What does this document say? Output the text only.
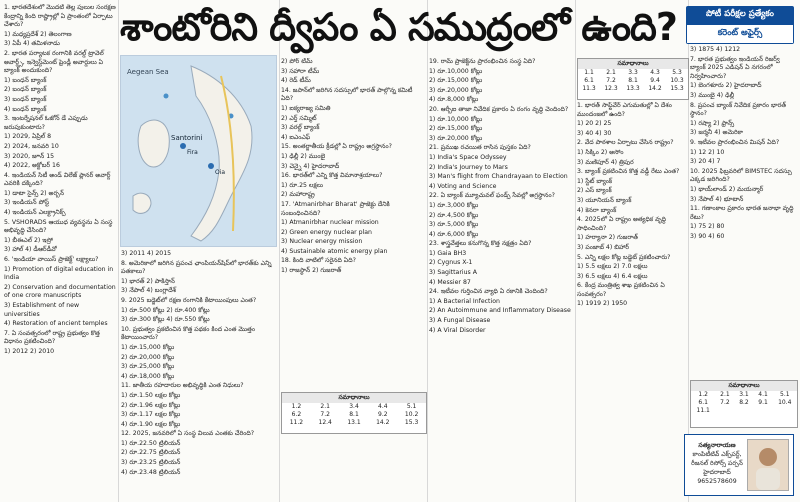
1. భారతదేశంలో మొదటి తెల్ల పులుల సంరక్షణ కేంద్రాన్ని కింది రాష్ట్రాల్లో ఏ ప్రాంతంలో ఏర్పాటు చేశారు?

1) మధ్యప్రదేశ్ 2) తెలంగాణ

3) ఏపీ 4) తమిళనాడు

2. భారత పర్యాటక రంగానికి వరల్డ్ ట్రావెల్ అవార్డ్స్, ఇన్వెస్ట్‌మెంట్ ఫ్రెండ్లీ అవార్డులు ఏ బ్యాంక్ అందుకుంది?

1) బంధన్ బ్యాంక్

2) బంధన్ బ్యాంక్

3) బంధన్ బ్యాంక్

4) బంధన్ బ్యాంక్

3. ఇంటర్నేషనల్ ఓజోన్ డే ఎప్పుడు జరుపుకుంటారు?

1) 2029, ఏప్రిల్ 8

2) 2024, జనవరి 10

3) 2020, జూన్ 15

4) 2022, అక్టోబర్ 16

4. ఇండియన్ సిటీ అండ్ విలేజ్ ప్లానర్ అవార్డ్ ఎవరికి దక్కింది?

1) డాటా సైన్స్ 2) అర్బన్

3) ఇండియన్ పోస్ట్

4) ఇండియన్ ఎలక్ట్రానిక్స్

5. VSHORADS ఆయుధ వ్యవస్థను ఏ సంస్థ అభివృద్ధి చేసింది?

1) బీఈఎల్ 2) ఇస్రో

3) హాల్ 4) డీఆర్‌డీవో

6. 'ఇండియా వాయిస్ ప్రాజెక్ట్' లక్ష్యాలు?

1) Promotion of digital education in India

2) Conservation and documentation of one crore manuscripts

3) Establishment of new universities

4) Restoration of ancient temples

7. ఏ సంవత్సరంలో రాష్ట్ర ప్రభుత్వం కొత్త విధానం ప్రకటించింది?

1) 2012 2) 2010

శాంటోరిని ద్వీపం ఏ సముద్రంలో ఉంది?	పోటీ పరీక్షల ప్రత్యేకం
కరెంట్ అఫైర్స్
Aegean Sea
Santorini
Fira
Oia

3) 2011 4) 2015

8. అమెరికాలో జరిగిన ప్రపంచ ఛాంపియన్‌షిప్‌లో భారత్‌కు ఎన్ని పతకాలు?

1) భారత్ 2) పాకిస్తాన్

3) నేపాల్ 4) బంగ్లాదేశ్

9. 2025 బడ్జెట్‌లో రక్షణ రంగానికి కేటాయింపులు ఎంత?

1) రూ.500 కోట్లు 2) రూ.400 కోట్లు

3) రూ.300 కోట్లు 4) రూ.550 కోట్లు

10. ప్రభుత్వం ప్రకటించిన కొత్త పథకం కింద ఎంత మొత్తం కేటాయించారు?

1) రూ.15,000 కోట్లు

2) రూ.20,000 కోట్లు

3) రూ.25,000 కోట్లు

4) రూ.18,000 కోట్లు

11. జాతీయ రహదారుల అభివృద్ధికి ఎంత నిధులు?

1) రూ.1.50 లక్షల కోట్లు

2) రూ.1.96 లక్షల కోట్లు

3) రూ.1.17 లక్షల కోట్లు

4) రూ.1.90 లక్షల కోట్లు

12. 2025, జనవరిలో ఏ సంస్థ విలువ ఎంతకు చేరింది?

1) రూ.22.50 ట్రిలియన్

2) రూ.22.75 ట్రిలియన్

3) రూ.23.25 ట్రిలియన్

4) రూ.23.48 ట్రిలియన్

2) పోర్ టీమ్

3) సహారా టీమ్

4) రెడ్ టీమ్

14. జపాన్‌లో జరిగిన సదస్సులో భారత్ పాల్గొన్న కమిటీ ఏది?

1) ఐక్యరాజ్య సమితి

2) ఎర్త్ సమ్మిట్

3) వరల్డ్ బ్యాంక్

4) ఐఎంఎఫ్

15. అంతర్జాతీయ క్రీడల్లో ఏ రాష్ట్రం అగ్రస్థానం?

1) ఢిల్లీ 2) ముంబై

3) చెన్నై 4) హైదరాబాద్

16. భారత్‌లో ఎన్ని కొత్త విమానాశ్రయాలు?

1) రూ.25 లక్షలు

2) మహారాష్ట్ర

17. 'Atmanirbhar Bharat' ప్రాజెక్టు దేనికి సంబంధించినది?

1) Atmanirbhar nuclear mission

2) Green energy nuclear plan

3) Nuclear energy mission

4) Sustainable atomic energy plan

18. కింది వాటిలో సరైనది ఏది?

1) రాజస్థాన్ 2) గుజరాత్

సమాధానాలు
1.2	2.1	3.4	4.4	5.1
6.2	7.2	8.1	9.2	10.2
11.2	12.4	13.1	14.2	15.3

19. రామ్ ప్రాజెక్ట్‌ను ప్రారంభించిన సంస్థ ఏది?

1) రూ.10,000 కోట్లు

2) రూ.15,000 కోట్లు

3) రూ.20,000 కోట్లు

4) రూ.8,000 కోట్లు

20. ఆర్బీఐ తాజా నివేదిక ప్రకారం ఏ రంగం వృద్ధి చెందింది?

1) రూ.10,000 కోట్లు

2) రూ.15,000 కోట్లు

3) రూ.20,000 కోట్లు

21. ప్రముఖ రచయిత రాసిన పుస్తకం ఏది?

1) India's Space Odyssey

2) India's Journey to Mars

3) Man's flight from Chandrayaan to Election

4) Voting and Science

22. ఏ బ్యాంక్ మ్యూచువల్ ఫండ్స్ సేవల్లో అగ్రస్థానం?

1) రూ.3,000 కోట్లు

2) రూ.4,500 కోట్లు

3) రూ.5,000 కోట్లు

4) రూ.6,000 కోట్లు

23. శాస్త్రవేత్తలు కనుగొన్న కొత్త నక్షత్రం ఏది?

1) Gaia BH3

2) Cygnus X-1

3) Sagittarius A

4) Messier 87

24. ఇటీవల గుర్తించిన వ్యాధి ఏ రకానికి చెందింది?

1) A Bacterial Infection

2) An Autoimmune and Inflammatory Disease

3) A Fungal Disease

4) A Viral Disorder

సమాధానాలు
1.1	2.1	3.3	4.3	5.3
6.1	7.2	8.1	9.4	10.3
11.3	12.3	13.3	14.2	15.3

1. భారత్ సాఫ్ట్‌వేర్ ఎగుమతుల్లో ఏ దేశం ముందంజలో ఉంది?

1) 20 2) 25

3) 40 4) 30

2. వేద పాఠశాల ఏర్పాటు చేసిన రాష్ట్రం?

1) సిక్కిం 2) అసోం

3) మణిపూర్ 4) త్రిపుర

3. బ్యాంక్ ప్రకటించిన కొత్త వడ్డీ రేటు ఎంత?

1) స్టేట్ బ్యాంక్

2) ఎస్ బ్యాంక్

3) యూనియన్ బ్యాంక్

4) కెనరా బ్యాంక్

4. 2025లో ఏ రాష్ట్రం అత్యధిక వృద్ధి సాధించింది?

1) హర్యానా 2) గుజరాత్

3) పంజాబ్ 4) బిహార్

5. ఎన్ని లక్షల కోట్ల బడ్జెట్ ప్రకటించారు?

1) 5.5 లక్షలు 2) 7.0 లక్షలు

3) 6.5 లక్షలు 4) 6.4 లక్షలు

6. కేంద్ర మంత్రిత్వ శాఖ ప్రకటించిన ఏ సంవత్సరం?

1) 1919 2) 1950

3) 1875 4) 1212

7. భారత ప్రభుత్వం ఇండియన్ రిజర్వ్ బ్యాంక్ 2025 ఎడిషన్ ఏ నగరంలో నిర్వహించారు?

1) బెంగళూరు 2) హైదరాబాద్

3) ముంబై 4) ఢిల్లీ

8. ప్రపంచ బ్యాంక్ నివేదిక ప్రకారం భారత్ స్థానం?

1) రష్యా 2) ఫ్రాన్స్

3) జర్మనీ 4) అమెరికా

9. ఇటీవల ప్రారంభించిన మిషన్ ఏది?

1) 12 2) 10

3) 20 4) 7

10. 2025 ఫిబ్రవరిలో BIMSTEC సదస్సు ఎక్కడ జరిగింది?

1) థాయ్‌లాండ్ 2) మయన్మార్

3) నేపాల్ 4) భూటాన్

11. గణాంకాల ప్రకారం భారత జనాభా వృద్ధి రేటు?

1) 75 2) 80

3) 90 4) 60

సమాధానాలు
1.2	2.1	3.1	4.1	5.1
6.1	7.2	8.2	9.1	10.4
11.1				
సత్యనారాయణ
కాంపిటీటివ్ ఎక్స్‌పర్ట్, రీజనల్ రిసోర్స్ పర్సన్
హైదరాబాద్
9652578609
